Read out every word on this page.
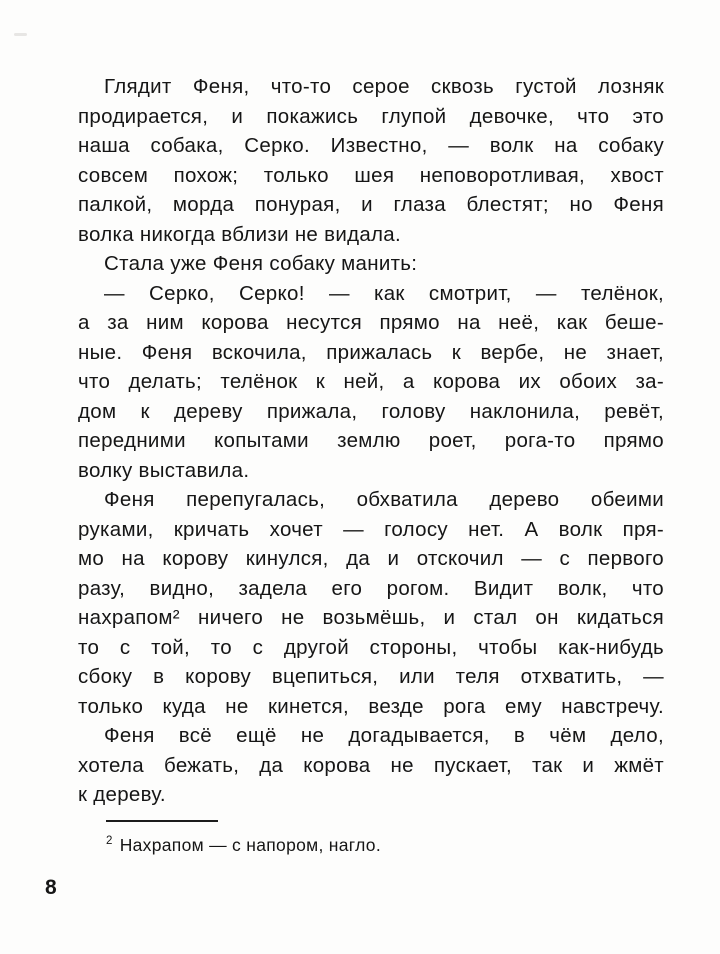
Глядит Феня, что-то серое сквозь густой лозняк
продирается, и покажись глупой девочке, что это
наша собака, Серко. Известно, — волк на собаку
совсем похож; только шея неповоротливая, хвост
палкой, морда понурая, и глаза блестят; но Феня
волка никогда вблизи не видала.
Стала уже Феня собаку манить:
— Серко, Серко! — как смотрит, — телёнок,
а за ним корова несутся прямо на неё, как беше-
ные. Феня вскочила, прижалась к вербе, не знает,
что делать; телёнок к ней, а корова их обоих за-
дом к дереву прижала, голову наклонила, ревёт,
передними копытами землю роет, рога-то прямо
волку выставила.
Феня перепугалась, обхватила дерево обеими
руками, кричать хочет — голосу нет. А волк пря-
мо на корову кинулся, да и отскочил — с первого
разу, видно, задела его рогом. Видит волк, что
нахрапом² ничего не возьмёшь, и стал он кидаться
то с той, то с другой стороны, чтобы как-нибудь
сбоку в корову вцепиться, или теля отхватить, —
только куда не кинется, везде рога ему навстречу.
Феня всё ещё не догадывается, в чём дело,
хотела бежать, да корова не пускает, так и жмёт
к дереву.
$^2$ Нахрапом — с напором, нагло.
8
